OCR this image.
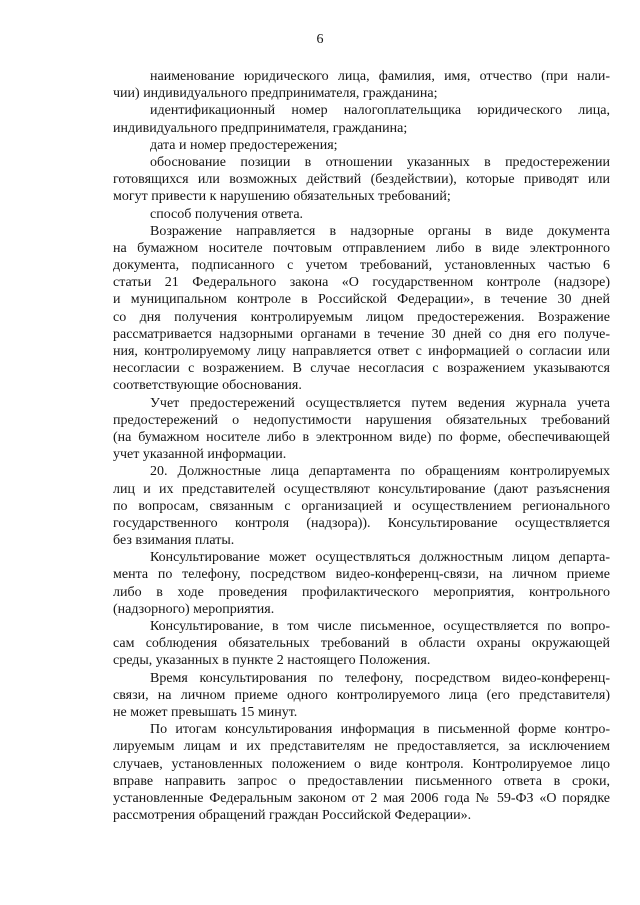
6
наименование юридического лица, фамилия, имя, отчество (при нали-
чии) индивидуального предпринимателя, гражданина;
идентификационный номер налогоплательщика юридического лица,
индивидуального предпринимателя, гражданина;
дата и номер предостережения;
обоснование позиции в отношении указанных в предостережении
готовящихся или возможных действий (бездействии), которые приводят или
могут привести к нарушению обязательных требований;
способ получения ответа.
Возражение направляется в надзорные органы в виде документа
на бумажном носителе почтовым отправлением либо в виде электронного
документа, подписанного с учетом требований, установленных частью 6
статьи 21 Федерального закона «О государственном контроле (надзоре)
и муниципальном контроле в Российской Федерации», в течение 30 дней
со дня получения контролируемым лицом предостережения. Возражение
рассматривается надзорными органами в течение 30 дней со дня его получе-
ния, контролируемому лицу направляется ответ с информацией о согласии или
несогласии с возражением. В случае несогласия с возражением указываются
соответствующие обоснования.
Учет предостережений осуществляется путем ведения журнала учета
предостережений о недопустимости нарушения обязательных требований
(на бумажном носителе либо в электронном виде) по форме, обеспечивающей
учет указанной информации.
20. Должностные лица департамента по обращениям контролируемых
лиц и их представителей осуществляют консультирование (дают разъяснения
по вопросам, связанным с организацией и осуществлением регионального
государственного контроля (надзора)). Консультирование осуществляется
без взимания платы.
Консультирование может осуществляться должностным лицом департа-
мента по телефону, посредством видео-конференц-связи, на личном приеме
либо в ходе проведения профилактического мероприятия, контрольного
(надзорного) мероприятия.
Консультирование, в том числе письменное, осуществляется по вопро-
сам соблюдения обязательных требований в области охраны окружающей
среды, указанных в пункте 2 настоящего Положения.
Время консультирования по телефону, посредством видео-конференц-
связи, на личном приеме одного контролируемого лица (его представителя)
не может превышать 15 минут.
По итогам консультирования информация в письменной форме контро-
лируемым лицам и их представителям не предоставляется, за исключением
случаев, установленных положением о виде контроля. Контролируемое лицо
вправе направить запрос о предоставлении письменного ответа в сроки,
установленные Федеральным законом от 2 мая 2006 года № 59-ФЗ «О порядке
рассмотрения обращений граждан Российской Федерации».
